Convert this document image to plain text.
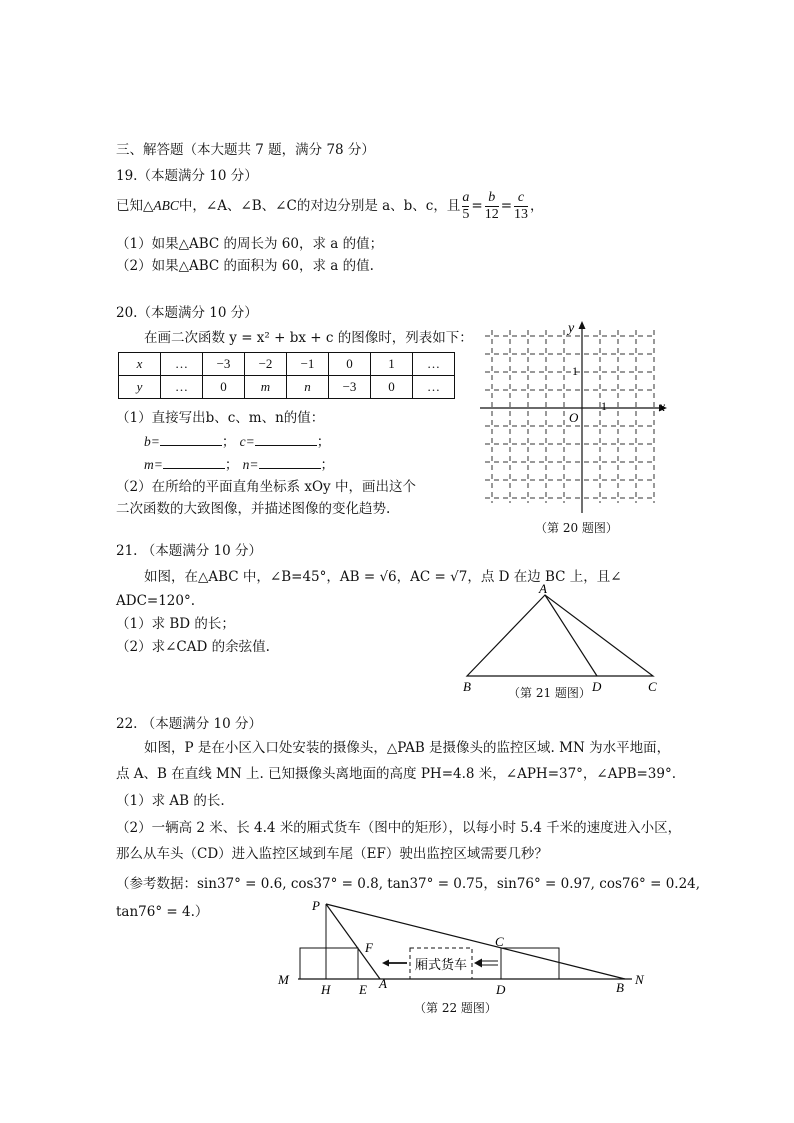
三、解答题（本大题共 7 题，满分 78 分）
19.（本题满分 10 分）
已知△ ABC 中，∠A、∠B、∠C的对边分别是 a、b、c，且 $\frac{a}{5} = \frac{b}{12} = \frac{c}{13}$ ，
（1）如果△ABC 的周长为 60，求 a 的值；
（2）如果△ABC 的面积为 60，求 a 的值.
20.（本题满分 10 分）
在画二次函数 y = x² + bx + c 的图像时，列表如下：
x	…	−3	−2	−1	0	1	…
y	…	0	m	n	−3	0	…
（1）直接写出b、c、m、n的值：
b=	； c=	；
m=	； n=	；
（2）在所给的平面直角坐标系 xOy 中，画出这个
二次函数的大致图像，并描述图像的变化趋势.
y
x
O
1
1
（第 20 题图）
21. （本题满分 10 分）
如图，在△ABC 中，∠B=45°，AB = √6，AC = √7，点 D 在边 BC 上，且∠
ADC=120°.
（1）求 BD 的长；
（2）求∠CAD 的余弦值.
A
B	D	C
（第 21 题图）
22. （本题满分 10 分）
如图，P 是在小区入口处安装的摄像头，△PAB 是摄像头的监控区域. MN 为水平地面，
点 A、B 在直线 MN 上. 已知摄像头离地面的高度 PH=4.8 米，∠APH=37°，∠APB=39°.
（1）求 AB 的长.
（2）一辆高 2 米、长 4.4 米的厢式货车（图中的矩形），以每小时 5.4 千米的速度进入小区，
那么从车头（CD）进入监控区域到车尾（EF）驶出监控区域需要几秒？
（参考数据：sin37° = 0.6, cos37° = 0.8, tan37° = 0.75，sin76° = 0.97, cos76° = 0.24,
tan76° = 4.）
厢式货车
P
M
H E A
F	C
D	B
N
（第 22 题图）
